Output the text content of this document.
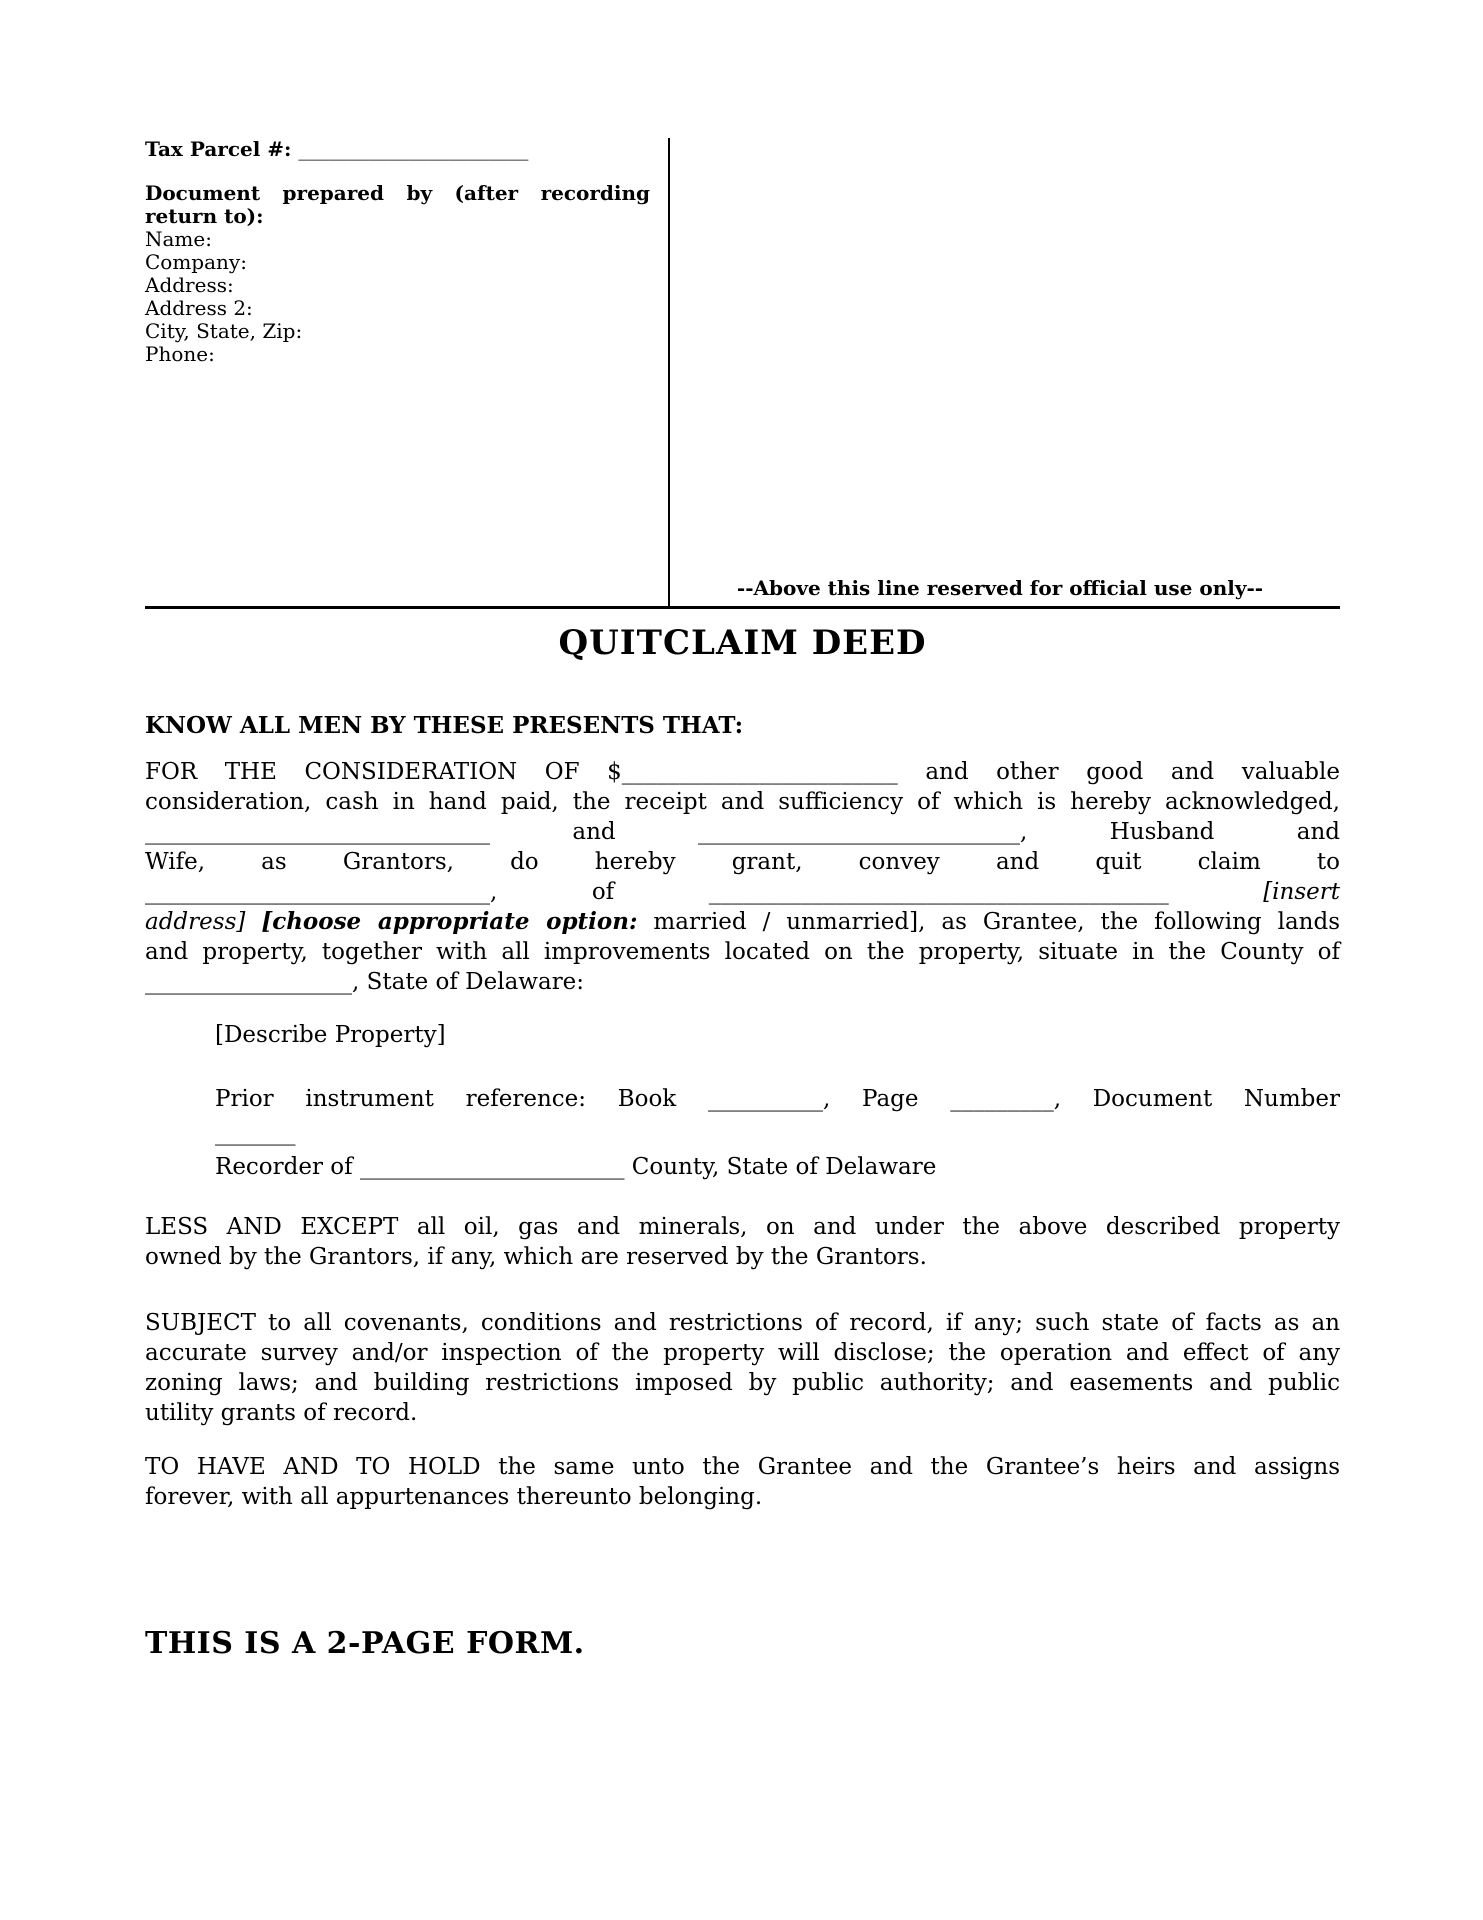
Tax Parcel #: _______________________
Document prepared by (after recording
return to):
Name:
Company:
Address:
Address 2:
City, State, Zip:
Phone:
--Above this line reserved for official use only--
QUITCLAIM DEED
KNOW ALL MEN BY THESE PRESENTS THAT:
FOR THE CONSIDERATION OF $________________________ and other good and valuable
consideration, cash in hand paid, the receipt and sufficiency of which is hereby acknowledged,
______________________________ and ____________________________, Husband and
Wife, as Grantors, do hereby grant, convey and quit claim to
______________________________, of ________________________________________ [insert
address] [choose appropriate option: married / unmarried], as Grantee, the following lands
and property, together with all improvements located on the property, situate in the County of
__________________, State of Delaware:
[Describe Property]
Prior instrument reference: Book __________, Page _________, Document Number
_______
Recorder of _______________________ County, State of Delaware
LESS AND EXCEPT all oil, gas and minerals, on and under the above described property
owned by the Grantors, if any, which are reserved by the Grantors.
SUBJECT to all covenants, conditions and restrictions of record, if any; such state of facts as an
accurate survey and/or inspection of the property will disclose; the operation and effect of any
zoning laws; and building restrictions imposed by public authority; and easements and public
utility grants of record.
TO HAVE AND TO HOLD the same unto the Grantee and the Grantee’s heirs and assigns
forever, with all appurtenances thereunto belonging.
THIS IS A 2-PAGE FORM.
